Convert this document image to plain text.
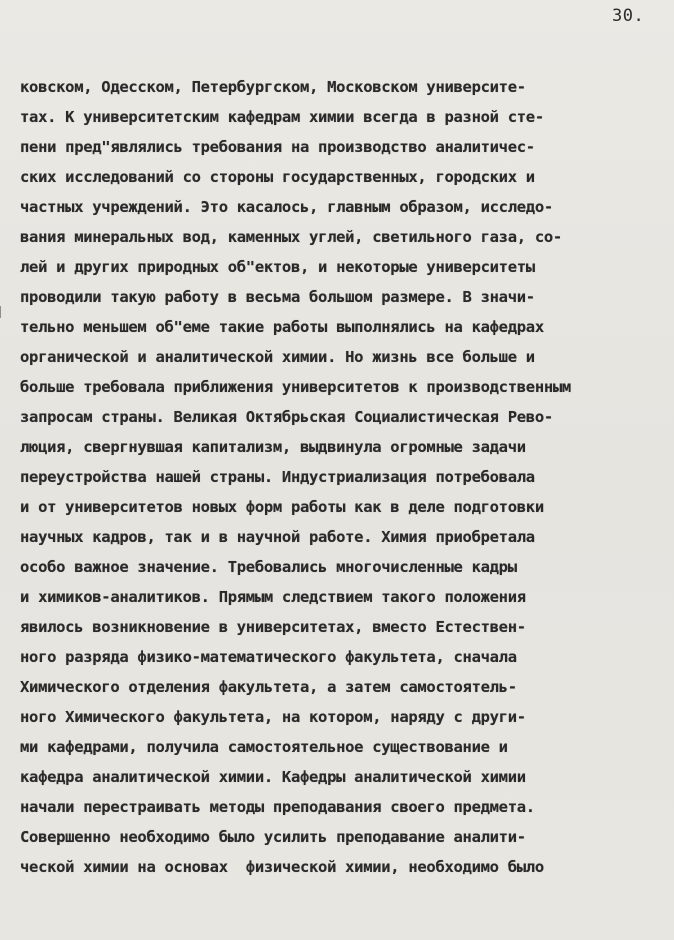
30.
ковском, Одесском, Петербургском, Московском университе-
тах. К университетским кафедрам химии всегда в разной сте-
пени пред"являлись требования на производство аналитичес-
ских исследований со стороны государственных, городских и
частных учреждений. Это касалось, главным образом, исследо-
вания минеральных вод, каменных углей, светильного газа, со-
лей и других природных об"ектов, и некоторые университеты
проводили такую работу в весьма большом размере. В значи-
тельно меньшем об"еме такие работы выполнялись на кафедрах
органической и аналитической химии. Но жизнь все больше и
больше требовала приближения университетов к производственным
запросам страны. Великая Октябрьская Социалистическая Рево-
люция, свергнувшая капитализм, выдвинула огромные задачи
переустройства нашей страны. Индустриализация потребовала
и от университетов новых форм работы как в деле подготовки
научных кадров, так и в научной работе. Химия приобретала
особо важное значение. Требовались многочисленные кадры
и химиков-аналитиков. Прямым следствием такого положения
явилось возникновение в университетах, вместо Естествен-
ного разряда физико-математического факультета, сначала
Химического отделения факультета, а затем самостоятель-
ного Химического факультета, на котором, наряду с други-
ми кафедрами, получила самостоятельное существование и
кафедра аналитической химии. Кафедры аналитической химии
начали перестраивать методы преподавания своего предмета.
Совершенно необходимо было усилить преподавание аналити-
ческой химии на основах  физической химии, необходимо было
